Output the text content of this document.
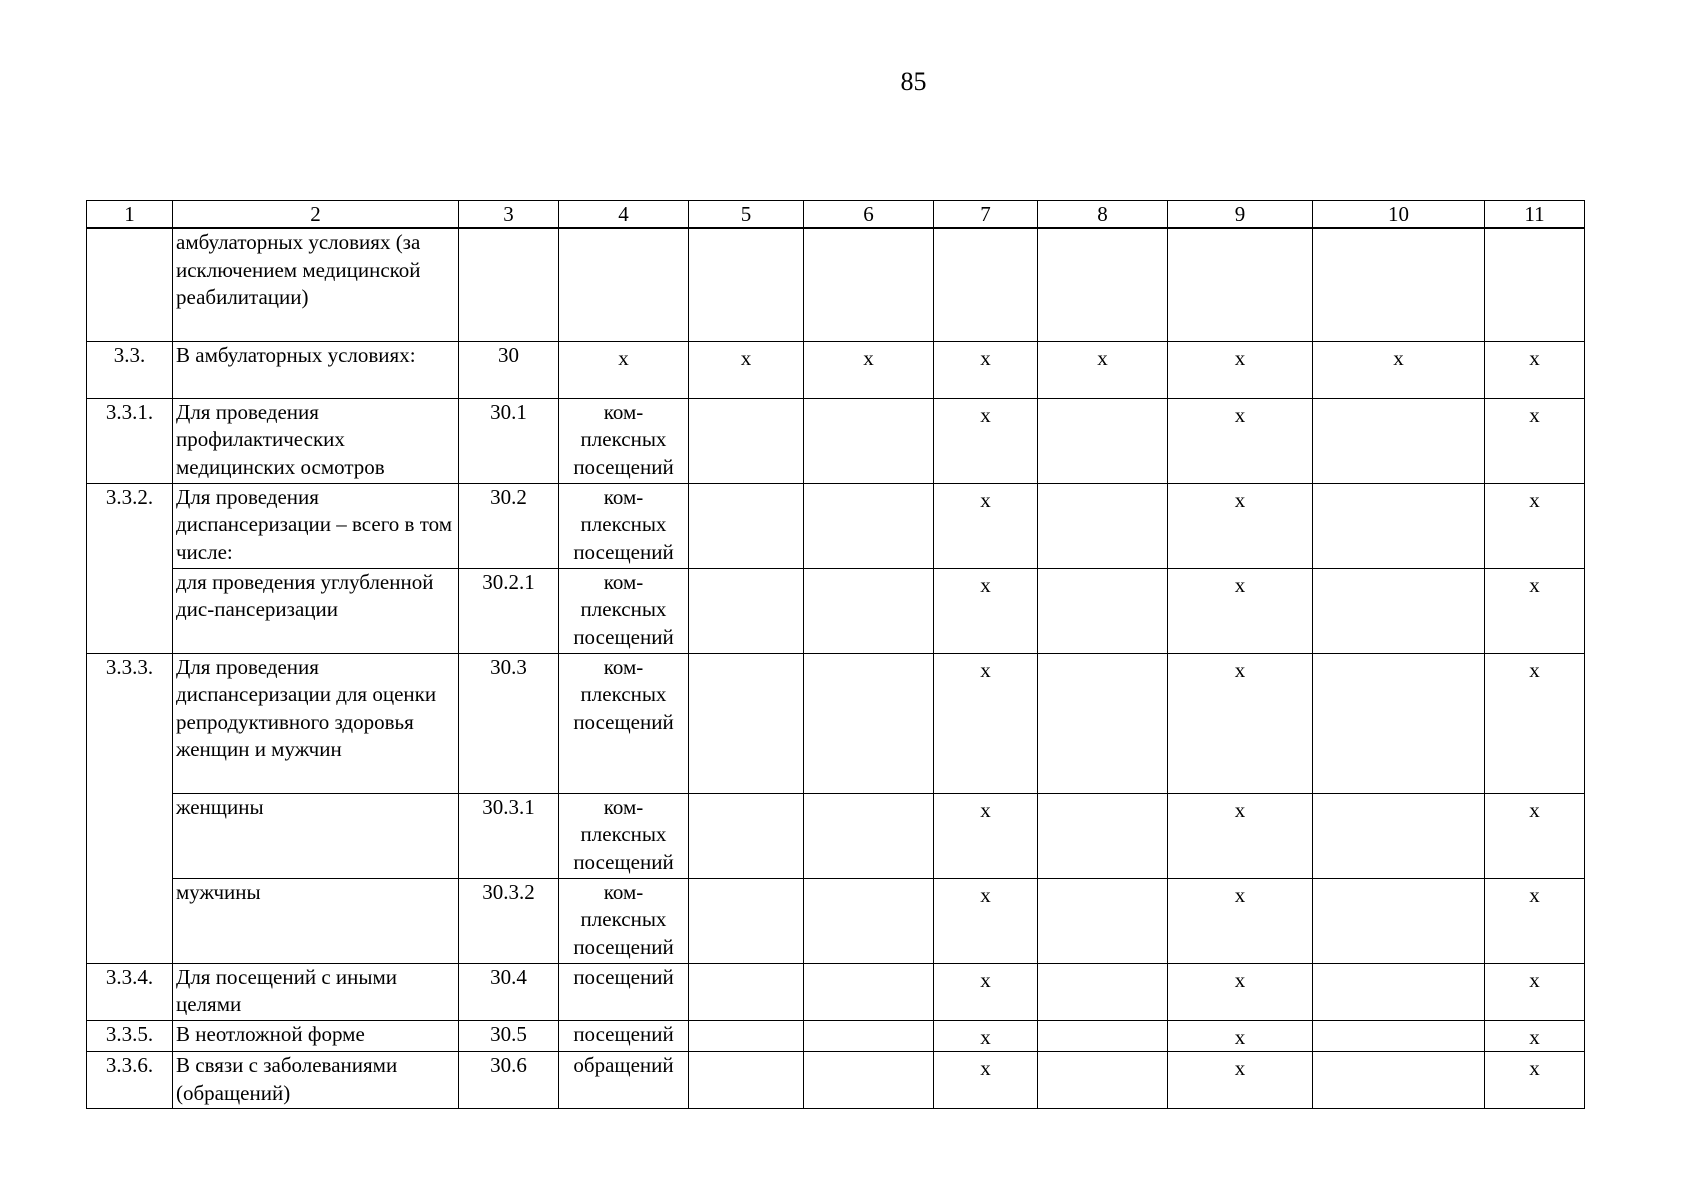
85
1	2	3	4	5	6	7	8	9	10	11
	амбулаторных условиях (за исключением медицинской реабилитации)									
3.3.	В амбулаторных условиях:	30	х	х	х	х	х	х	х	х
3.3.1.	Для проведения профилактических медицинских осмотров	30.1	ком-плексных посещений			х		х		х
3.3.2.	Для проведения диспансеризации – всего в том числе:	30.2	ком-плексных посещений			х		х		х
	для проведения углубленной дис-пансеризации	30.2.1	ком-плексных посещений			х		х		х
3.3.3.	Для проведения диспансеризации для оценки репродуктивного здоровья женщин и мужчин	30.3	ком-плексных посещений			х		х		х
	женщины	30.3.1	ком-плексных посещений			х		х		х
	мужчины	30.3.2	ком-плексных посещений			х		х		х
3.3.4.	Для посещений с иными целями	30.4	посещений			х		х		х
3.3.5.	В неотложной форме	30.5	посещений			х		х		х
3.3.6.	В связи с заболеваниями (обращений)	30.6	обращений			х		х		х
